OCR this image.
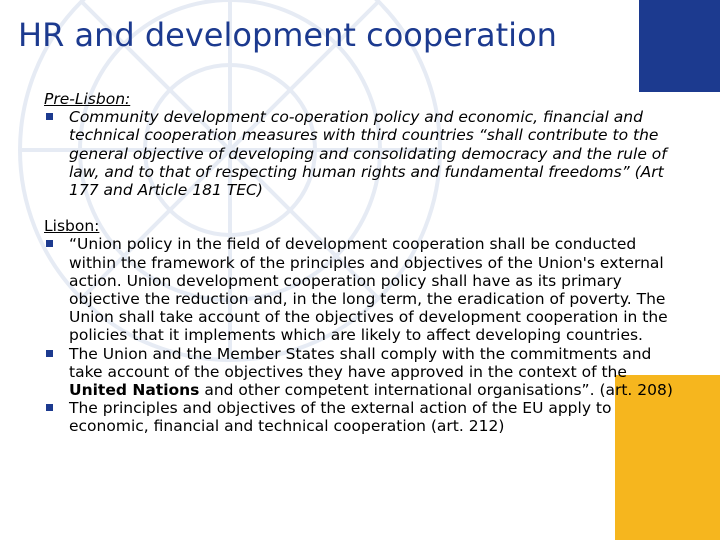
HR and development cooperation

Pre-Lisbon:

Community development co-operation policy and economic, financial and technical cooperation measures with third countries “shall contribute to the general objective of developing and consolidating democracy and the rule of law, and to that of respecting human rights and fundamental freedoms” (Art 177 and Article 181 TEC)

Lisbon:

“Union policy in the field of development cooperation shall be conducted within the framework of the principles and objectives of the Union's external action. Union development cooperation policy shall have as its primary objective the reduction and, in the long term, the eradication of poverty. The Union shall take account of the objectives of development cooperation in the policies that it implements which are likely to affect developing countries.
The Union and the Member States shall comply with the commitments and take account of the objectives they have approved in the context of the United Nations and other competent international organisations”. (art. 208)
The principles and objectives of the external action of the EU apply to economic, financial and technical cooperation (art. 212)
